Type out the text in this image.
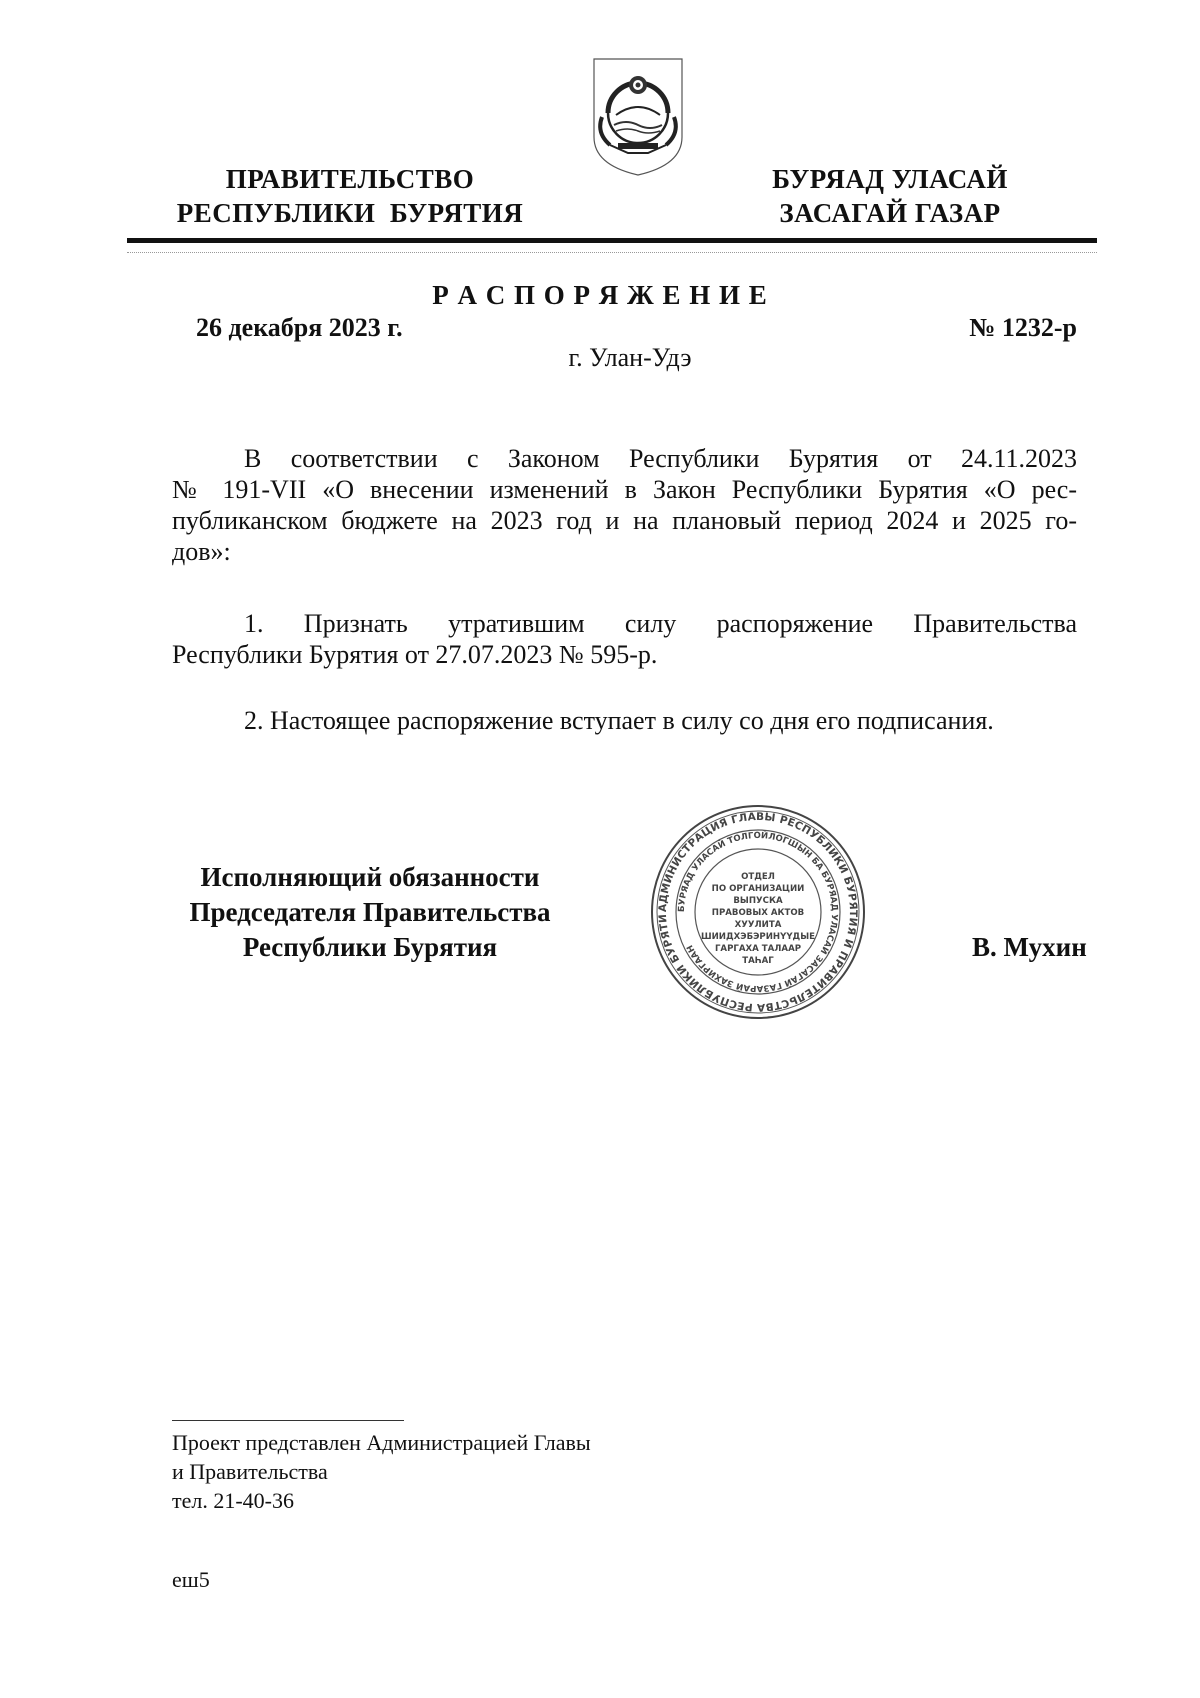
ПРАВИТЕЛЬСТВО
РЕСПУБЛИКИ  БУРЯТИЯ
БУРЯАД УЛАСАЙ
ЗАСАГАЙ ГАЗАР
Р А С П О Р Я Ж Е Н И Е
26 декабря 2023 г.	№ 1232-р
г. Улан-Удэ
В соответствии с Законом Республики Бурятия от 24.11.2023
№ 191-VII «О внесении изменений в Закон Республики Бурятия «О рес-
публиканском бюджете на 2023 год и на плановый период 2024 и 2025 го-
дов»:
1. Признать утратившим силу распоряжение Правительства
Республики Бурятия от 27.07.2023 № 595-р.
2. Настоящее распоряжение вступает в силу со дня его подписания.
Исполняющий обязанности
Председателя Правительства
Республики Бурятия	В. Мухин
АДМИНИСТРАЦИЯ ГЛАВЫ РЕСПУБЛИКИ БУРЯТИЯ И ПРАВИТЕЛЬСТВА РЕСПУБЛИКИ БУРЯТИ
БУРЯАД УЛАСАЙ ТОЛГОЙЛОГШЫН БА БУРЯАД УЛАСАЙ ЗАСАГАЙ ГАЗАРАЙ ЗАХИРГААН
ОТДЕЛ
ПО ОРГАНИЗАЦИИ
ВЫПУСКА
ПРАВОВЫХ АКТОВ
ХУУЛИТА
ШИИДХЭБЭРИНҮҮДЫЕ
ГАРГАХА ТАЛААР
ТАҺАГ
Проект представлен Администрацией Главы
и Правительства
тел. 21-40-36
еш5
